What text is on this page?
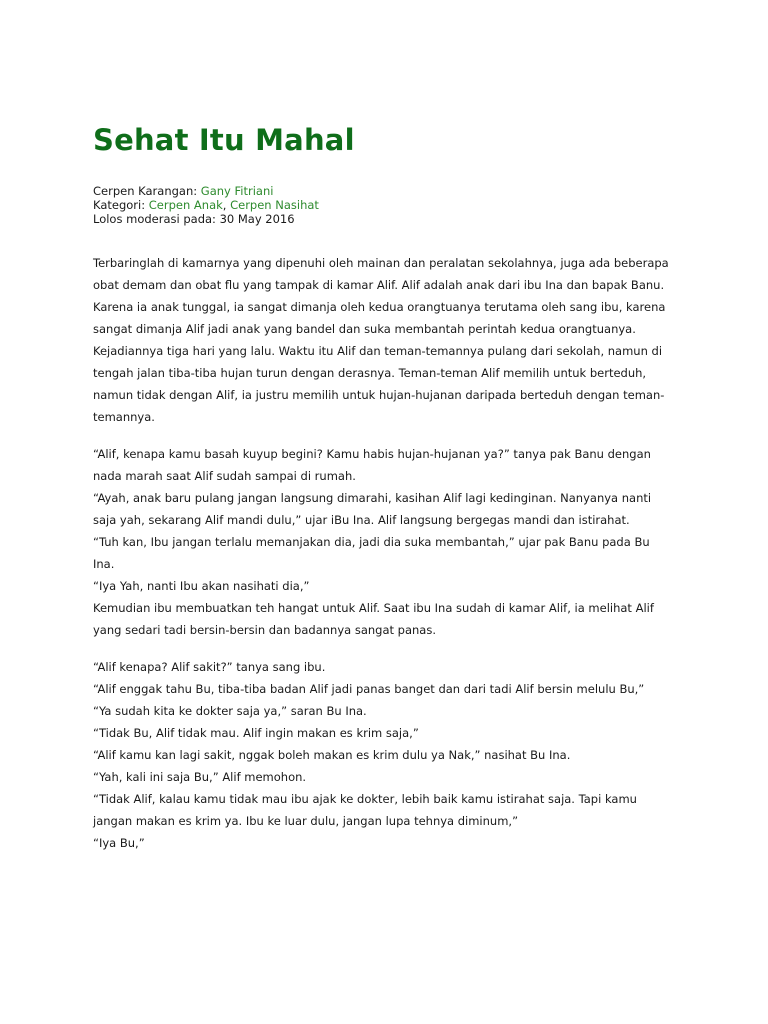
Sehat Itu Mahal
Cerpen Karangan: Gany Fitriani
Kategori: Cerpen Anak, Cerpen Nasihat
Lolos moderasi pada: 30 May 2016

Terbaringlah di kamarnya yang dipenuhi oleh mainan dan peralatan sekolahnya, juga ada beberapa obat demam dan obat flu yang tampak di kamar Alif. Alif adalah anak dari ibu Ina dan bapak Banu. Karena ia anak tunggal, ia sangat dimanja oleh kedua orangtuanya terutama oleh sang ibu, karena sangat dimanja Alif jadi anak yang bandel dan suka membantah perintah kedua orangtuanya. Kejadiannya tiga hari yang lalu. Waktu itu Alif dan teman-temannya pulang dari sekolah, namun di tengah jalan tiba-tiba hujan turun dengan derasnya. Teman-teman Alif memilih untuk berteduh, namun tidak dengan Alif, ia justru memilih untuk hujan-hujanan daripada berteduh dengan teman-temannya.

“Alif, kenapa kamu basah kuyup begini? Kamu habis hujan-hujanan ya?” tanya pak Banu dengan nada marah saat Alif sudah sampai di rumah.

“Ayah, anak baru pulang jangan langsung dimarahi, kasihan Alif lagi kedinginan. Nanyanya nanti saja yah, sekarang Alif mandi dulu,” ujar iBu Ina. Alif langsung bergegas mandi dan istirahat.

“Tuh kan, Ibu jangan terlalu memanjakan dia, jadi dia suka membantah,” ujar pak Banu pada Bu Ina.

“Iya Yah, nanti Ibu akan nasihati dia,”

Kemudian ibu membuatkan teh hangat untuk Alif. Saat ibu Ina sudah di kamar Alif, ia melihat Alif yang sedari tadi bersin-bersin dan badannya sangat panas.

“Alif kenapa? Alif sakit?” tanya sang ibu.

“Alif enggak tahu Bu, tiba-tiba badan Alif jadi panas banget dan dari tadi Alif bersin melulu Bu,”

“Ya sudah kita ke dokter saja ya,” saran Bu Ina.

“Tidak Bu, Alif tidak mau. Alif ingin makan es krim saja,”

“Alif kamu kan lagi sakit, nggak boleh makan es krim dulu ya Nak,” nasihat Bu Ina.

“Yah, kali ini saja Bu,” Alif memohon.

“Tidak Alif, kalau kamu tidak mau ibu ajak ke dokter, lebih baik kamu istirahat saja. Tapi kamu jangan makan es krim ya. Ibu ke luar dulu, jangan lupa tehnya diminum,”

“Iya Bu,”
